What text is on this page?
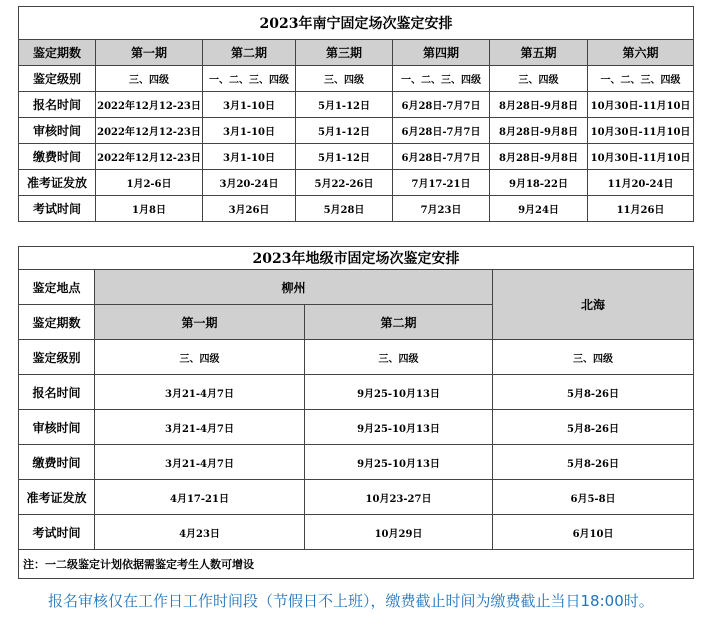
2023年南宁固定场次鉴定安排						
鉴定期数	第一期	第二期	第三期	第四期	第五期	第六期
鉴定级别	三、四级	一、二、三、四级	三、四级	一、二、三、四级	三、四级	一、二、三、四级
报名时间	2022年12月12-23日	3月1-10日	5月1-12日	6月28日-7月7日	8月28日-9月8日	10月30日-11月10日
审核时间	2022年12月12-23日	3月1-10日	5月1-12日	6月28日-7月7日	8月28日-9月8日	10月30日-11月10日
缴费时间	2022年12月12-23日	3月1-10日	5月1-12日	6月28日-7月7日	8月28日-9月8日	10月30日-11月10日
准考证发放	1月2-6日	3月20-24日	5月22-26日	7月17-21日	9月18-22日	11月20-24日
考试时间	1月8日	3月26日	5月28日	7月23日	9月24日	11月26日
2023年地级市固定场次鉴定安排			
鉴定地点	柳州		北海
鉴定期数	第一期	第二期	
鉴定级别	三、四级	三、四级	三、四级
报名时间	3月21-4月7日	9月25-10月13日	5月8-26日
审核时间	3月21-4月7日	9月25-10月13日	5月8-26日
缴费时间	3月21-4月7日	9月25-10月13日	5月8-26日
准考证发放	4月17-21日	10月23-27日	6月5-8日
考试时间	4月23日	10月29日	6月10日
注：一二级鉴定计划依据需鉴定考生人数可增设			
报名审核仅在工作日工作时间段（节假日不上班），缴费截止时间为缴费截止当日18:00时。
